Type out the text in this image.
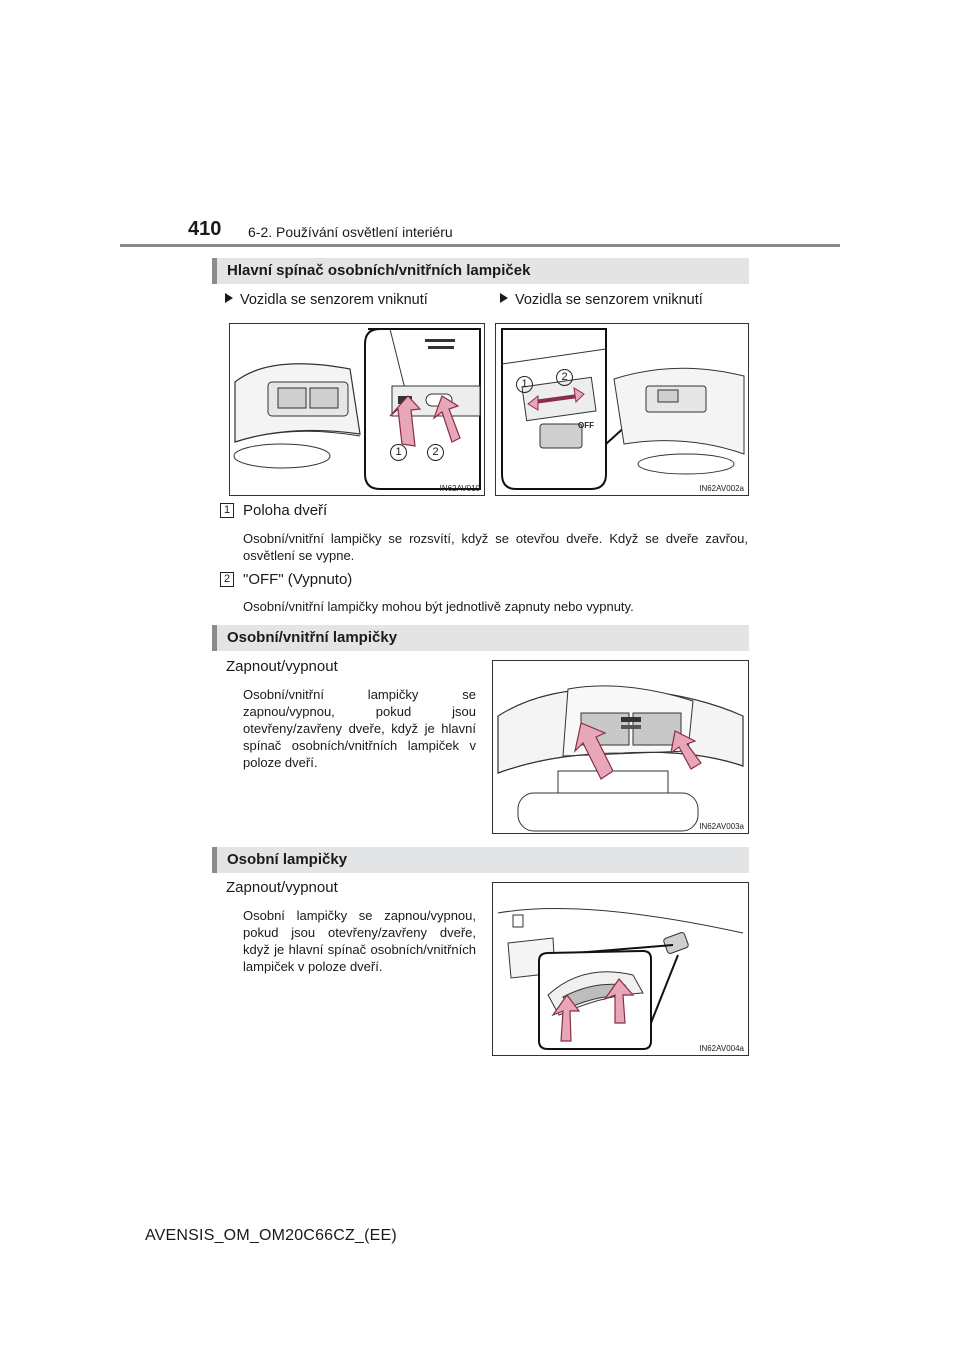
410 6-2. Používání osvětlení interiéru
Hlavní spínač osobních/vnitřních lampiček
Vozidla se senzorem vniknutí	Vozidla se senzorem vniknutí
1	2
IN62AV010
OFF
1
2
IN62AV002a
1 Poloha dveří
Osobní/vnitřní lampičky se rozsvítí, když se otevřou dveře. Když se dveře zavřou, osvětlení se vypne.
2 "OFF" (Vypnuto)
Osobní/vnitřní lampičky mohou být jednotlivě zapnuty nebo vypnuty.
Osobní/vnitřní lampičky
Zapnout/vypnout
Osobní/vnitřní lampičky se zapnou/vypnou, pokud jsou otevřeny/zavřeny dveře, když je hlavní spínač osobních/vnitřních lampiček v poloze dveří.
IN62AV003a
Osobní lampičky
Zapnout/vypnout
Osobní lampičky se zapnou/vypnou, pokud jsou otevřeny/zavřeny dveře, když je hlavní spínač osobních/vnitřních lampiček v poloze dveří.
IN62AV004a
AVENSIS_OM_OM20C66CZ_(EE)
